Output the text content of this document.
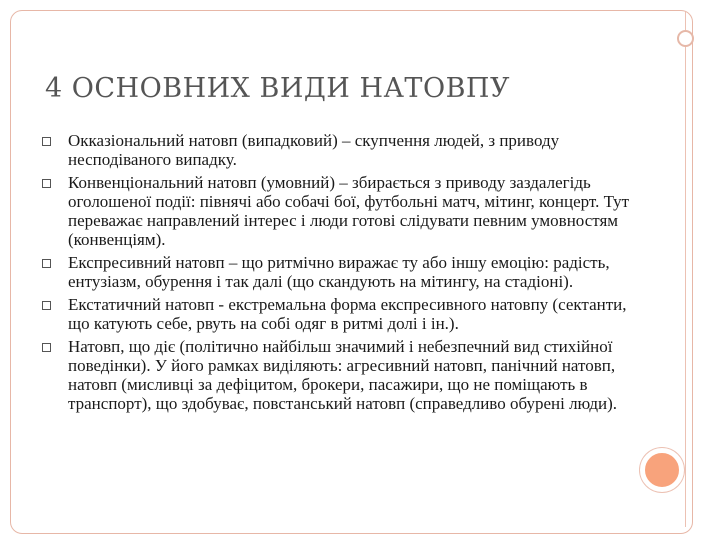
4 ОСНОВНИХ ВИДИ НАТОВПУ
Окказіональний натовп (випадковий) – скупчення людей, з приводу несподіваного випадку.
Конвенціональний натовп (умовний) – збирається з приводу заздалегідь оголошеної події: півнячі або собачі бої, футбольні матч, мітинг, концерт. Тут переважає направлений інтерес і люди готові слідувати певним умовностям (конвенціям).
Експресивний натовп – що ритмічно виражає ту або іншу емоцію: радість, ентузіазм, обурення і так далі (що скандують на мітингу, на стадіоні).
Екстатичний натовп - екстремальна форма експресивного натовпу (сектанти, що катують себе, рвуть на собі одяг в ритмі долі і ін.).
Натовп, що діє (політично найбільш значимий і небезпечний вид стихійної поведінки). У його рамках виділяють: агресивний натовп, панічний натовп, натовп (мисливці за дефіцитом, брокери, пасажири, що не поміщають в транспорт), що здобуває, повстанський натовп (справедливо обурені люди).
